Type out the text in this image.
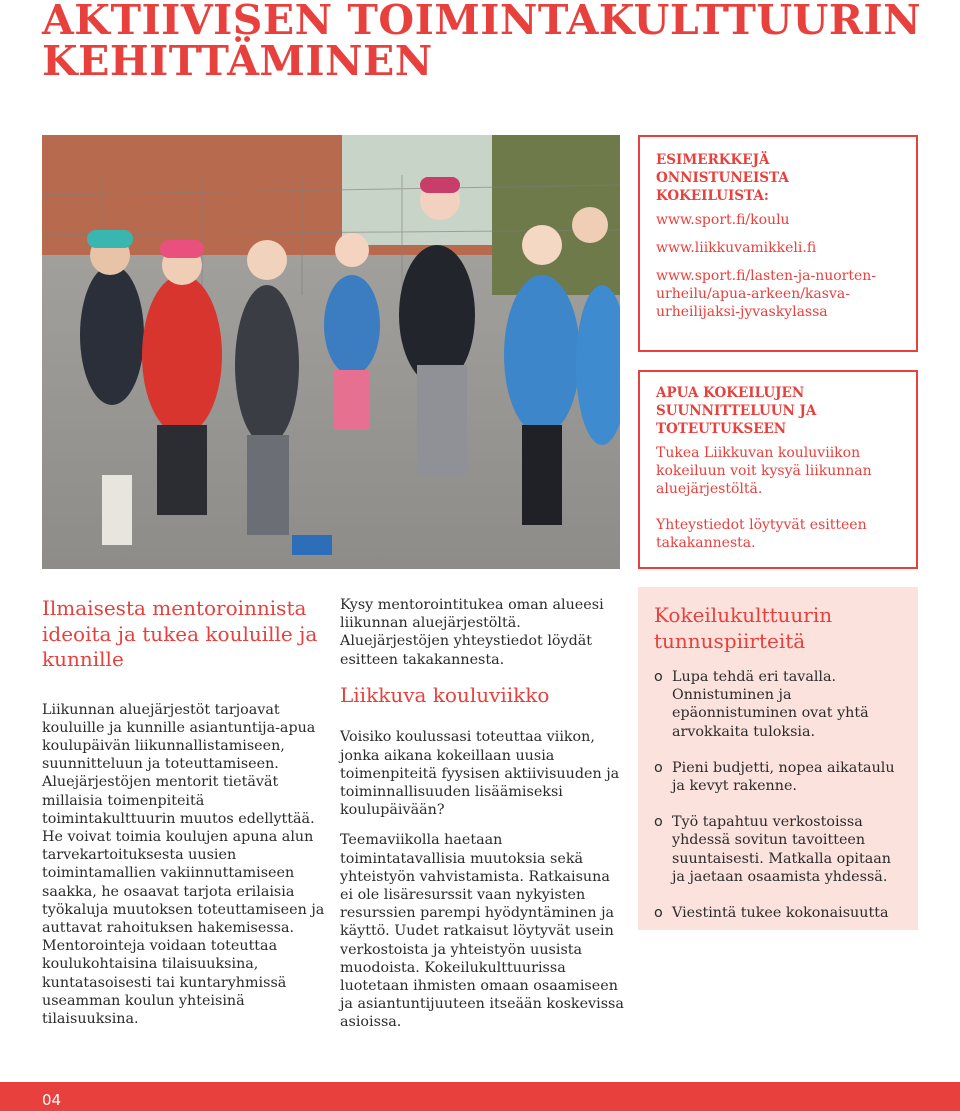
AKTIIVISEN TOIMINTAKULTTUURIN
KEHITTÄMINEN
ESIMERKKEJÄ
ONNISTUNEISTA
KOKEILUISTA:

www.sport.fi/koulu

www.liikkuvamikkeli.fi

www.sport.fi/lasten-ja-nuorten-urheilu/apua-arkeen/kasva-urheilijaksi-jyvaskylassa

APUA KOKEILUJEN
SUUNNITTELUUN JA
TOTEUTUKSEEN

Tukea Liikkuvan kouluviikon kokeiluun voit kysyä liikunnan aluejärjestöltä.

Yhteystiedot löytyvät esitteen takakannesta.

Ilmaisesta mentoroinnista ideoita ja tukea kouluille ja kunnille

Liikunnan aluejärjestöt tarjoavat kouluille ja kunnille asiantuntija-apua koulupäivän liikunnallistamiseen, suunnitteluun ja toteuttamiseen. Aluejärjestöjen mentorit tietävät millaisia toimenpiteitä toimintakulttuurin muutos edellyttää. He voivat toimia koulujen apuna alun tarvekartoituksesta uusien toimintamallien vakiinnuttamiseen saakka, he osaavat tarjota erilaisia työkaluja muutoksen toteuttamiseen ja auttavat rahoituksen hakemisessa. Mentorointeja voidaan toteuttaa koulukohtaisina tilaisuuksina, kuntatasoisesti tai kuntaryhmissä useamman koulun yhteisinä tilaisuuksina.

Kysy mentorointitukea oman alueesi liikunnan aluejärjestöltä. Aluejärjestöjen yhteystiedot löydät esitteen takakannesta.

Liikkuva kouluviikko

Voisiko koulussasi toteuttaa viikon, jonka aikana kokeillaan uusia toimenpiteitä fyysisen aktiivisuuden ja toiminnallisuuden lisäämiseksi koulupäivään?

Teemaviikolla haetaan toimintatavallisia muutoksia sekä yhteistyön vahvistamista. Ratkaisuna ei ole lisäresurssit vaan nykyisten resurssien parempi hyödyntäminen ja käyttö. Uudet ratkaisut löytyvät usein verkostoista ja yhteistyön uusista muodoista. Kokeilukulttuurissa luotetaan ihmisten omaan osaamiseen ja asiantuntijuuteen itseään koskevissa asioissa.

Kokeilukulttuurin tunnuspiirteitä
o Lupa tehdä eri tavalla. Onnistuminen ja epäonnistuminen ovat yhtä arvokkaita tuloksia.
o Pieni budjetti, nopea aikataulu ja kevyt rakenne.
o Työ tapahtuu verkostoissa yhdessä sovitun tavoitteen suuntaisesti. Matkalla opitaan ja jaetaan osaamista yhdessä.
o Viestintä tukee kokonaisuutta
04
